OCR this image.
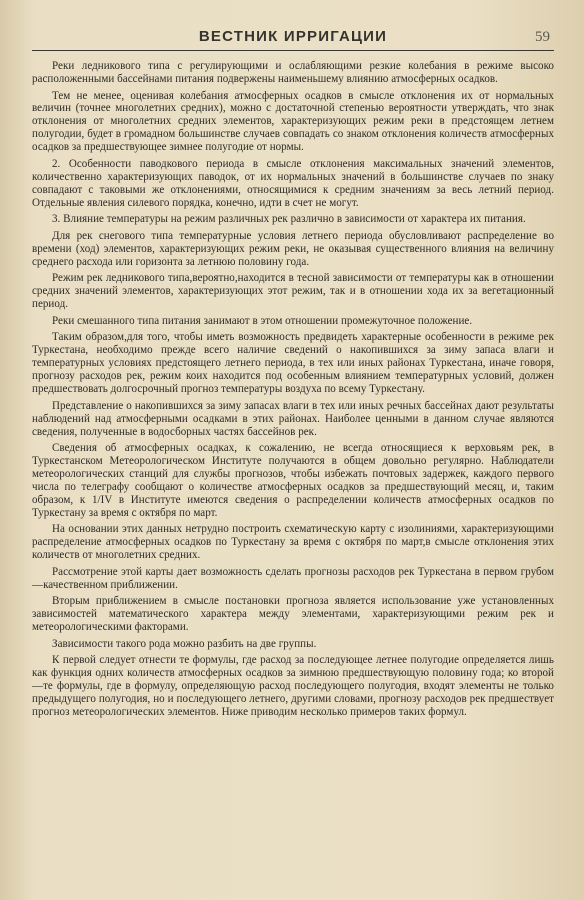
ВЕСТНИК ИРРИГАЦИИ	59

Реки ледникового типа с регулирующими и ослабляющими резкие колебания в режиме высоко расположенными бассейнами питания подвержены наименьшему влиянию атмосферных осадков.

Тем не менее, оценивая колебания атмосферных осадков в смысле отклонения их от нормальных величин (точнее многолетних средних), можно с достаточной степенью вероятности утверждать, что знак отклонения от многолетних средних элементов, характеризующих режим реки в предстоящем летнем полугодии, будет в громадном большинстве случаев совпадать со знаком отклонения количеств атмосферных осадков за предшествующее зимнее полугодие от нормы.

2. Особенности паводкового периода в смысле отклонения максимальных значений элементов, количественно характеризующих паводок, от их нормальных значений в большинстве случаев по знаку совпадают с таковыми же отклонениями, относящимися к средним значениям за весь летний период. Отдельные явления силевого порядка, конечно, идти в счет не могут.

3. Влияние температуры на режим различных рек различно в зависимости от характера их питания.

Для рек снегового типа температурные условия летнего периода обусловливают распределение во времени (ход) элементов, характеризующих режим реки, не оказывая существенного влияния на величину среднего расхода или горизонта за летнюю половину года.

Режим рек ледникового типа,вероятно,находится в тесной зависимости от температуры как в отношении средних значений элементов, характеризующих этот режим, так и в отношении хода их за вегетационный период.

Реки смешанного типа питания занимают в этом отношении промежуточное положение.

Таким образом,для того, чтобы иметь возможность предвидеть характерные особенности в режиме рек Туркестана, необходимо прежде всего наличие сведений о накопившихся за зиму запаса влаги и температурных условиях предстоящего летнего периода, в тех или иных районах Туркестана, иначе говоря, прогнозу расходов рек, режим коих находится под особенным влиянием температурных условий, должен предшествовать долгосрочный прогноз температуры воздуха по всему Туркестану.

Представление о накопившихся за зиму запасах влаги в тех или иных речных бассейнах дают результаты наблюдений над атмосферными осадками в этих районах. Наиболее ценными в данном случае являются сведения, полученные в водосборных частях бассейнов рек.

Сведения об атмосферных осадках, к сожалению, не всегда относящиеся к верховьям рек, в Туркестанском Метеорологическом Институте получаются в общем довольно регулярно. Наблюдатели метеорологических станций для службы прогнозов, чтобы избежать почтовых задержек, каждого первого числа по телеграфу сообщают о количестве атмосферных осадков за предшествующий месяц, и, таким образом, к 1/IV в Институте имеются сведения о распределении количеств атмосферных осадков по Туркестану за время с октября по март.

На основании этих данных нетрудно построить схематическую карту с изолиниями, характеризующими распределение атмосферных осадков по Туркестану за время с октября по март,в смысле отклонения этих количеств от многолетних средних.

Рассмотрение этой карты дает возможность сделать прогнозы расходов рек Туркестана в первом грубом—качественном приближении.

Вторым приближением в смысле постановки прогноза является использование уже установленных зависимостей математического характера между элементами, характеризующими режим рек и метеорологическими факторами.

Зависимости такого рода можно разбить на две группы.

К первой следует отнести те формулы, где расход за последующее летнее полугодие определяется лишь как функция одних количеств атмосферных осадков за зимнюю предшествующую половину года; ко второй—те формулы, где в формулу, определяющую расход последующего полугодия, входят элементы не только предыдущего полугодия, но и последующего летнего, другими словами, прогнозу расходов рек предшествует прогноз метеорологических элементов. Ниже приводим несколько примеров таких формул.
